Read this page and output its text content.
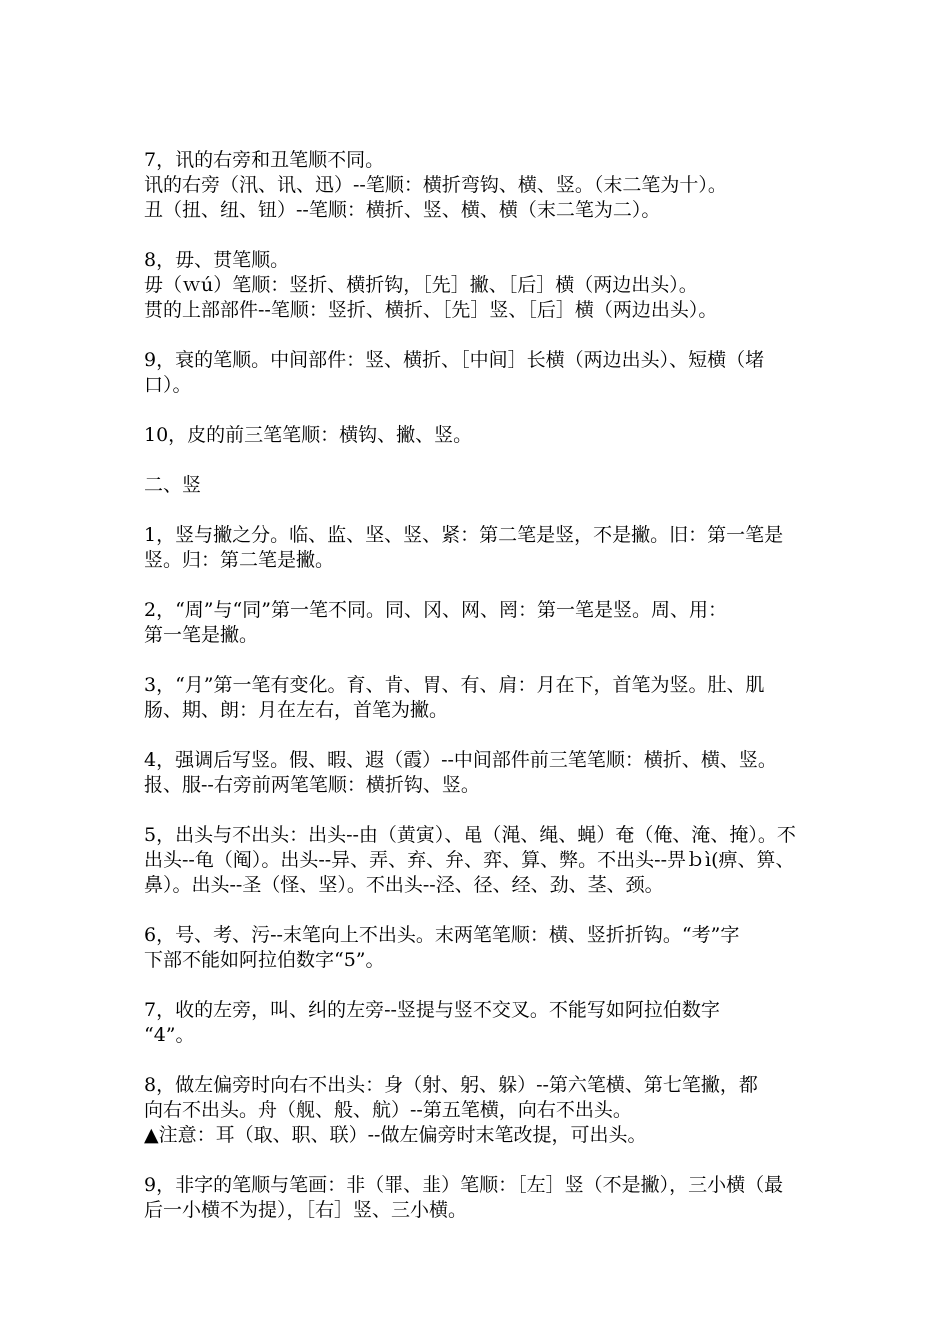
7，讯的右旁和丑笔顺不同。
讯的右旁（汛、讯、迅）--笔顺：横折弯钩、横、竖。（末二笔为十）。
丑（扭、纽、钮）--笔顺：横折、竖、横、横（末二笔为二）。
8，毋、贯笔顺。
毋（ｗú）笔顺：竖折、横折钩，［先］撇、［后］横（两边出头）。
贯的上部部件--笔顺：竖折、横折、［先］竖、［后］横（两边出头）。
9，衰的笔顺。中间部件：竖、横折、［中间］长横（两边出头）、短横（堵
口）。
10，皮的前三笔笔顺：横钩、撇、竖。
二、竖
1，竖与撇之分。临、监、坚、竖、紧：第二笔是竖，不是撇。旧：第一笔是
竖。归：第二笔是撇。
2，“周”与“同”第一笔不同。同、冈、网、罔：第一笔是竖。周、用：
第一笔是撇。
3，“月”第一笔有变化。育、肯、胃、有、肩：月在下，首笔为竖。肚、肌
肠、期、朗：月在左右，首笔为撇。
4，强调后写竖。假、暇、遐（霞）--中间部件前三笔笔顺：横折、横、竖。
报、服--右旁前两笔笔顺：横折钩、竖。
5，出头与不出头：出头--由（黄寅）、黾（渑、绳、蝇）奄（俺、淹、掩）。不
出头--龟（阄）。出头--异、弄、弃、弁、弈、算、弊。不出头--畀ｂì(痹、箅、
鼻）。出头--圣（怪、坚）。不出头--泾、径、经、劲、茎、颈。
6，号、考、污--末笔向上不出头。末两笔笔顺：横、竖折折钩。“考”字
下部不能如阿拉伯数字“5”。
7，收的左旁，叫、纠的左旁--竖提与竖不交叉。不能写如阿拉伯数字
“4”。
8，做左偏旁时向右不出头：身（射、躬、躲）--第六笔横、第七笔撇，都
向右不出头。舟（舰、般、航）--第五笔横，向右不出头。
▲注意：耳（取、职、联）--做左偏旁时末笔改提，可出头。
9，非字的笔顺与笔画：非（罪、韭）笔顺：［左］竖（不是撇），三小横（最
后一小横不为提），［右］竖、三小横。
